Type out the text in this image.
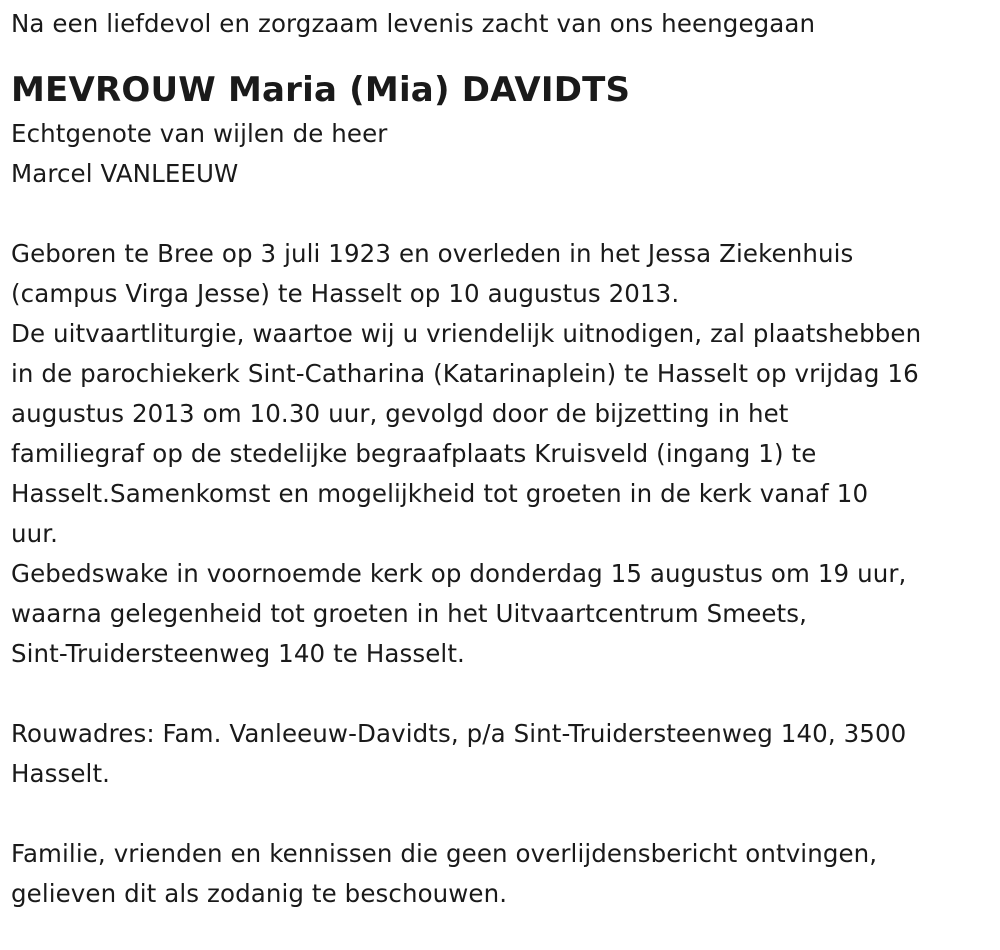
Na een liefdevol en zorgzaam levenis zacht van ons heengegaan
MEVROUW Maria (Mia) DAVIDTS
Echtgenote van wijlen de heer
Marcel VANLEEUW
Geboren te Bree op 3 juli 1923 en overleden in het Jessa Ziekenhuis
(campus Virga Jesse) te Hasselt op 10 augustus 2013.
De uitvaartliturgie, waartoe wij u vriendelijk uitnodigen, zal plaatshebben
in de parochiekerk Sint-Catharina (Katarinaplein) te Hasselt op vrijdag 16
augustus 2013 om 10.30 uur, gevolgd door de bijzetting in het
familiegraf op de stedelijke begraafplaats Kruisveld (ingang 1) te
Hasselt.Samenkomst en mogelijkheid tot groeten in de kerk vanaf 10
uur.
Gebedswake in voornoemde kerk op donderdag 15 augustus om 19 uur,
waarna gelegenheid tot groeten in het Uitvaartcentrum Smeets,
Sint-Truidersteenweg 140 te Hasselt.
Rouwadres: Fam. Vanleeuw-Davidts, p/a Sint-Truidersteenweg 140, 3500
Hasselt.
Familie, vrienden en kennissen die geen overlijdensbericht ontvingen,
gelieven dit als zodanig te beschouwen.
